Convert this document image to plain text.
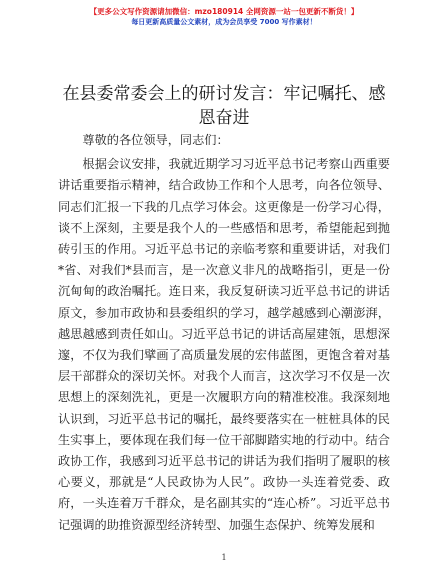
【更多公文写作资源请加微信：mzo180914 全网资源一站一包更新不断货！】
每日更新高质量公文素材，成为会员享受 7000 写作素材！
在县委常委会上的研讨发言：牢记嘱托、感恩奋进

尊敬的各位领导，同志们：

根据会议安排，我就近期学习习近平总书记考察山西重要讲话重要指示精神，结合政协工作和个人思考，向各位领导、同志们汇报一下我的几点学习体会。这更像是一份学习心得，谈不上深刻，主要是我个人的一些感悟和思考，希望能起到抛砖引玉的作用。习近平总书记的亲临考察和重要讲话，对我们*省、对我们*县而言，是一次意义非凡的战略指引，更是一份沉甸甸的政治嘱托。连日来，我反复研读习近平总书记的讲话原文，参加市政协和县委组织的学习，越学越感到心潮澎湃，越思越感到责任如山。习近平总书记的讲话高屋建瓴，思想深邃，不仅为我们擘画了高质量发展的宏伟蓝图，更饱含着对基层干部群众的深切关怀。对我个人而言，这次学习不仅是一次思想上的深刻洗礼，更是一次履职方向的精准校准。我深刻地认识到，习近平总书记的嘱托，最终要落实在一桩桩具体的民生实事上，要体现在我们每一位干部脚踏实地的行动中。结合政协工作，我感到习近平总书记的讲话为我们指明了履职的核心要义，那就是“人民政协为人民”。政协一头连着党委、政府，一头连着万千群众，是名副其实的“连心桥”。习近平总书记强调的助推资源型经济转型、加强生态保护、统筹发展和

1
